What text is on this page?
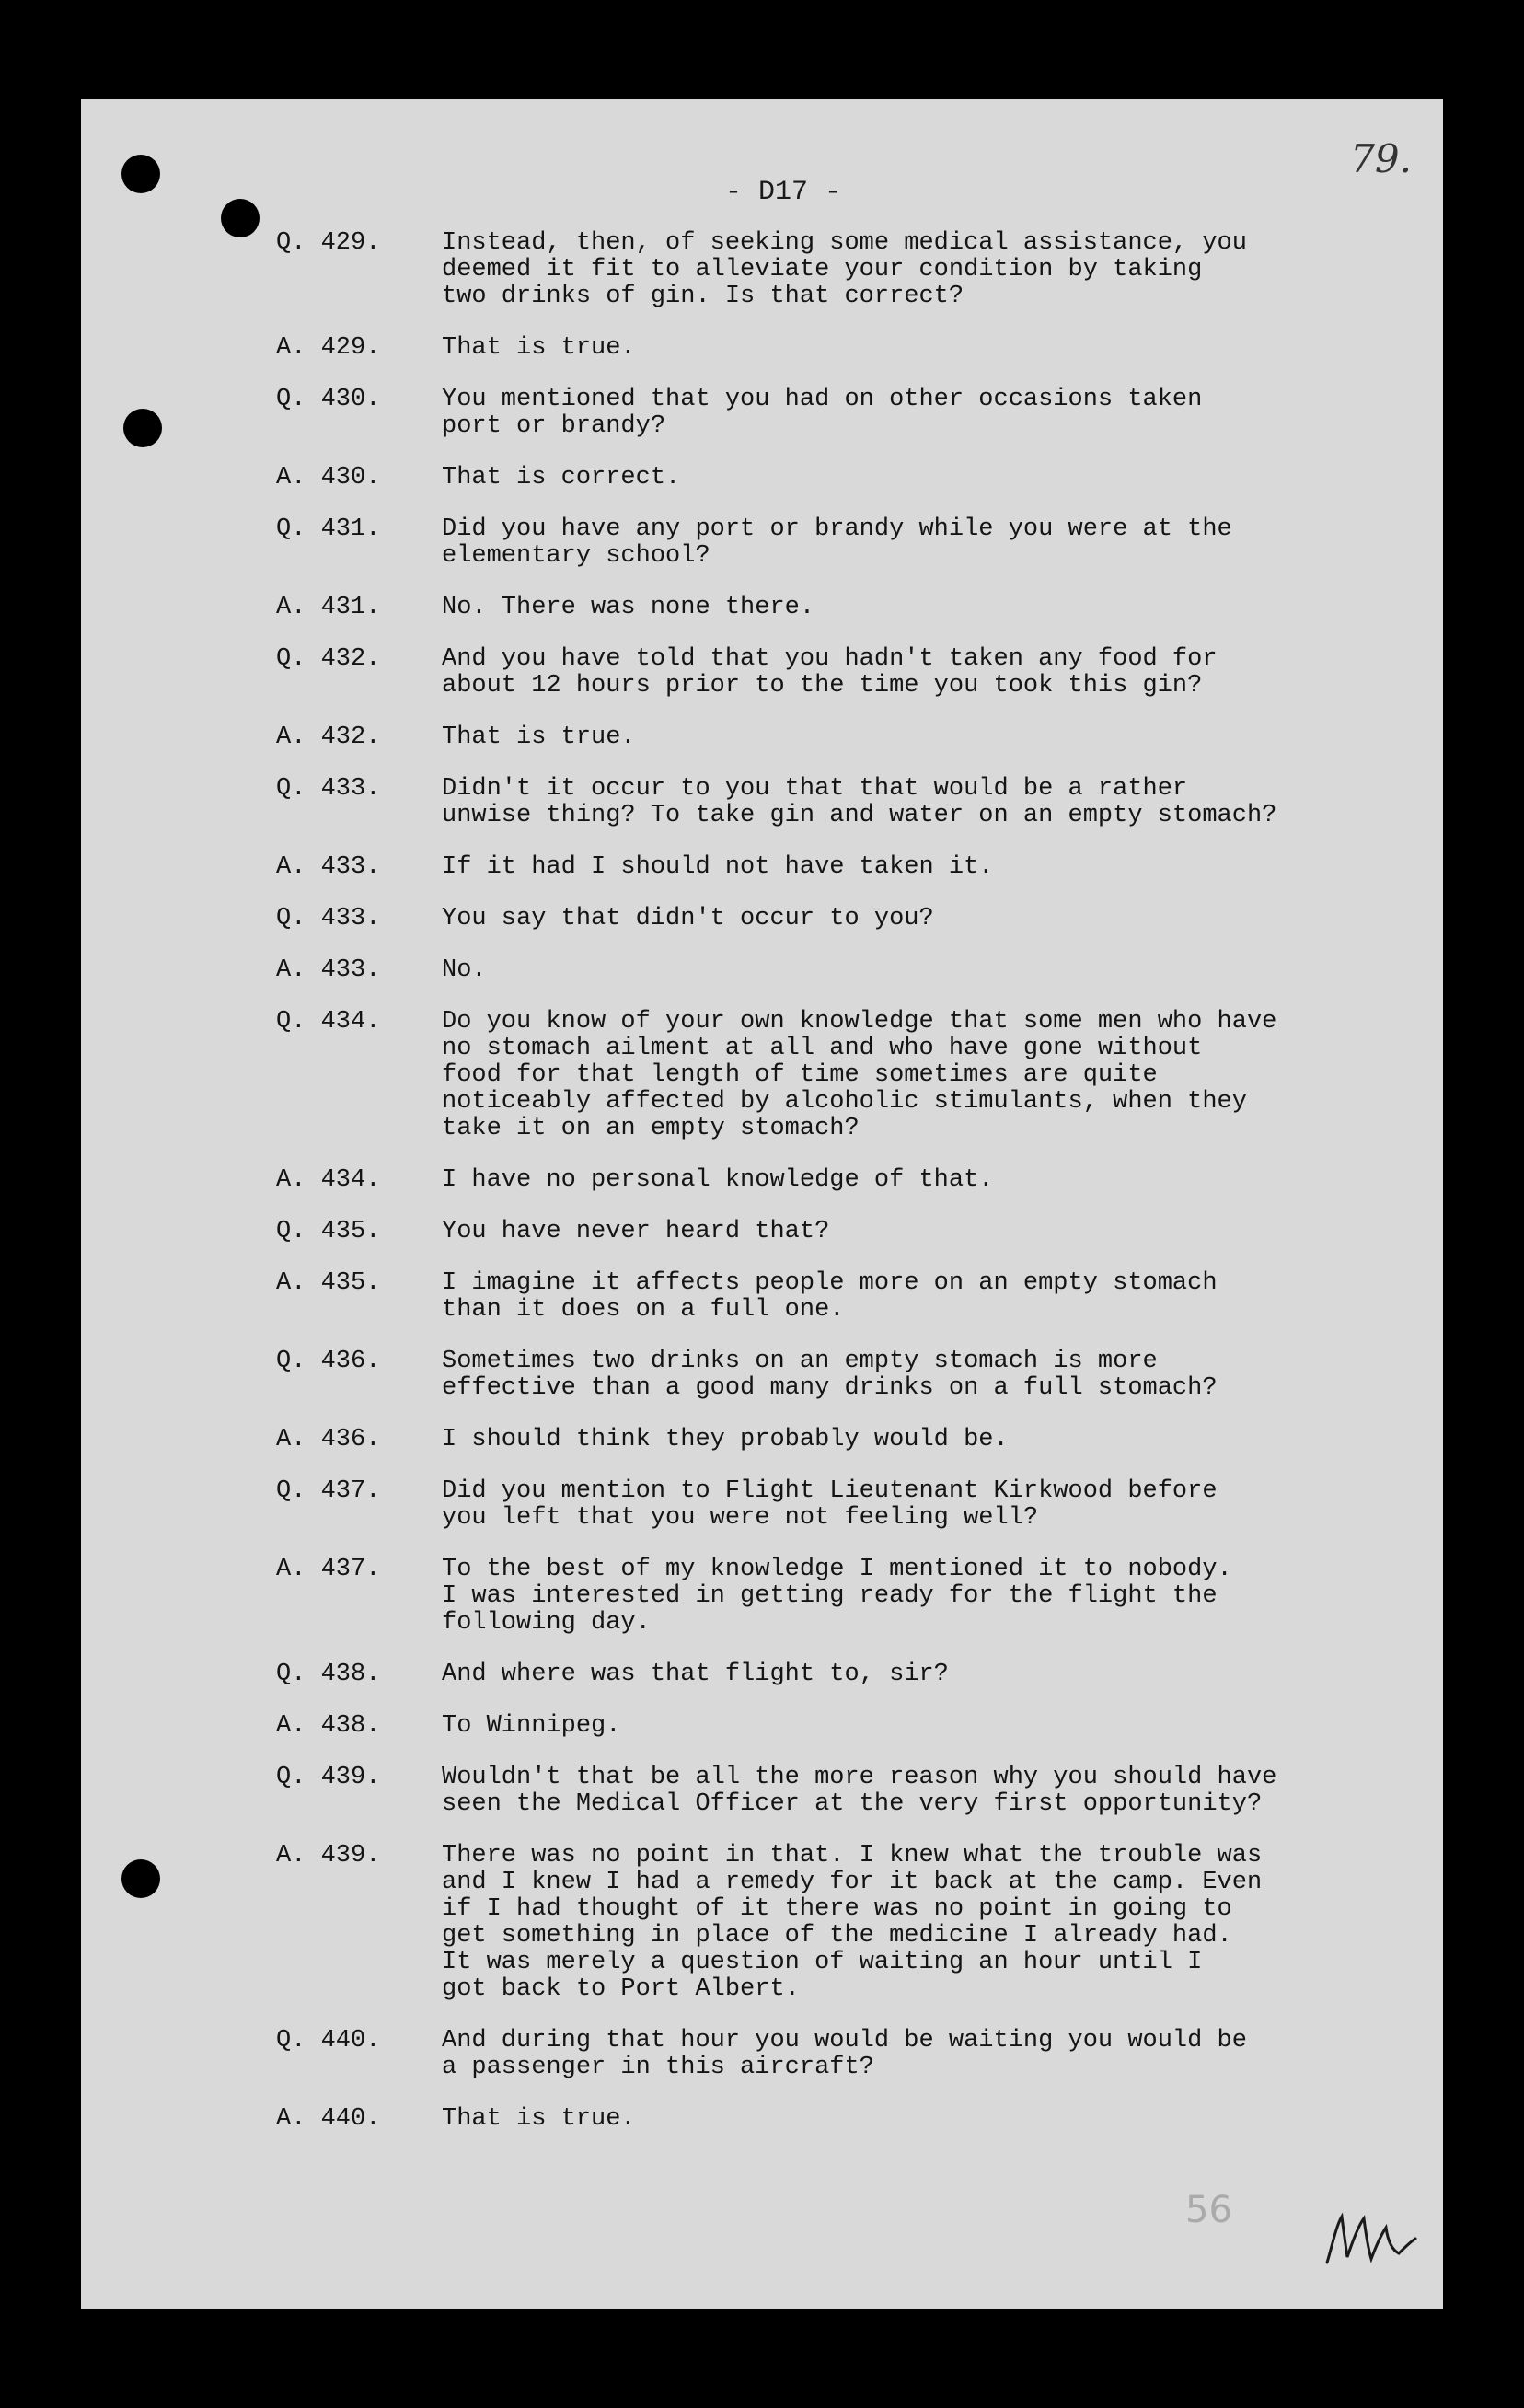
- D17 -
79.
Q. 429.	Instead, then, of seeking some medical assistance, you
deemed it fit to alleviate your condition by taking
two drinks of gin. Is that correct?
A. 429.	That is true.
Q. 430.	You mentioned that you had on other occasions taken
port or brandy?
A. 430.	That is correct.
Q. 431.	Did you have any port or brandy while you were at the
elementary school?
A. 431.	No. There was none there.
Q. 432.	And you have told that you hadn't taken any food for
about 12 hours prior to the time you took this gin?
A. 432.	That is true.
Q. 433.	Didn't it occur to you that that would be a rather
unwise thing? To take gin and water on an empty stomach?
A. 433.	If it had I should not have taken it.
Q. 433.	You say that didn't occur to you?
A. 433.	No.
Q. 434.	Do you know of your own knowledge that some men who have
no stomach ailment at all and who have gone without
food for that length of time sometimes are quite
noticeably affected by alcoholic stimulants, when they
take it on an empty stomach?
A. 434.	I have no personal knowledge of that.
Q. 435.	You have never heard that?
A. 435.	I imagine it affects people more on an empty stomach
than it does on a full one.
Q. 436.	Sometimes two drinks on an empty stomach is more
effective than a good many drinks on a full stomach?
A. 436.	I should think they probably would be.
Q. 437.	Did you mention to Flight Lieutenant Kirkwood before
you left that you were not feeling well?
A. 437.	To the best of my knowledge I mentioned it to nobody.
I was interested in getting ready for the flight the
following day.
Q. 438.	And where was that flight to, sir?
A. 438.	To Winnipeg.
Q. 439.	Wouldn't that be all the more reason why you should have
seen the Medical Officer at the very first opportunity?
A. 439.	There was no point in that. I knew what the trouble was
and I knew I had a remedy for it back at the camp. Even
if I had thought of it there was no point in going to
get something in place of the medicine I already had.
It was merely a question of waiting an hour until I
got back to Port Albert.
Q. 440.	And during that hour you would be waiting you would be
a passenger in this aircraft?
A. 440.	That is true.
56
